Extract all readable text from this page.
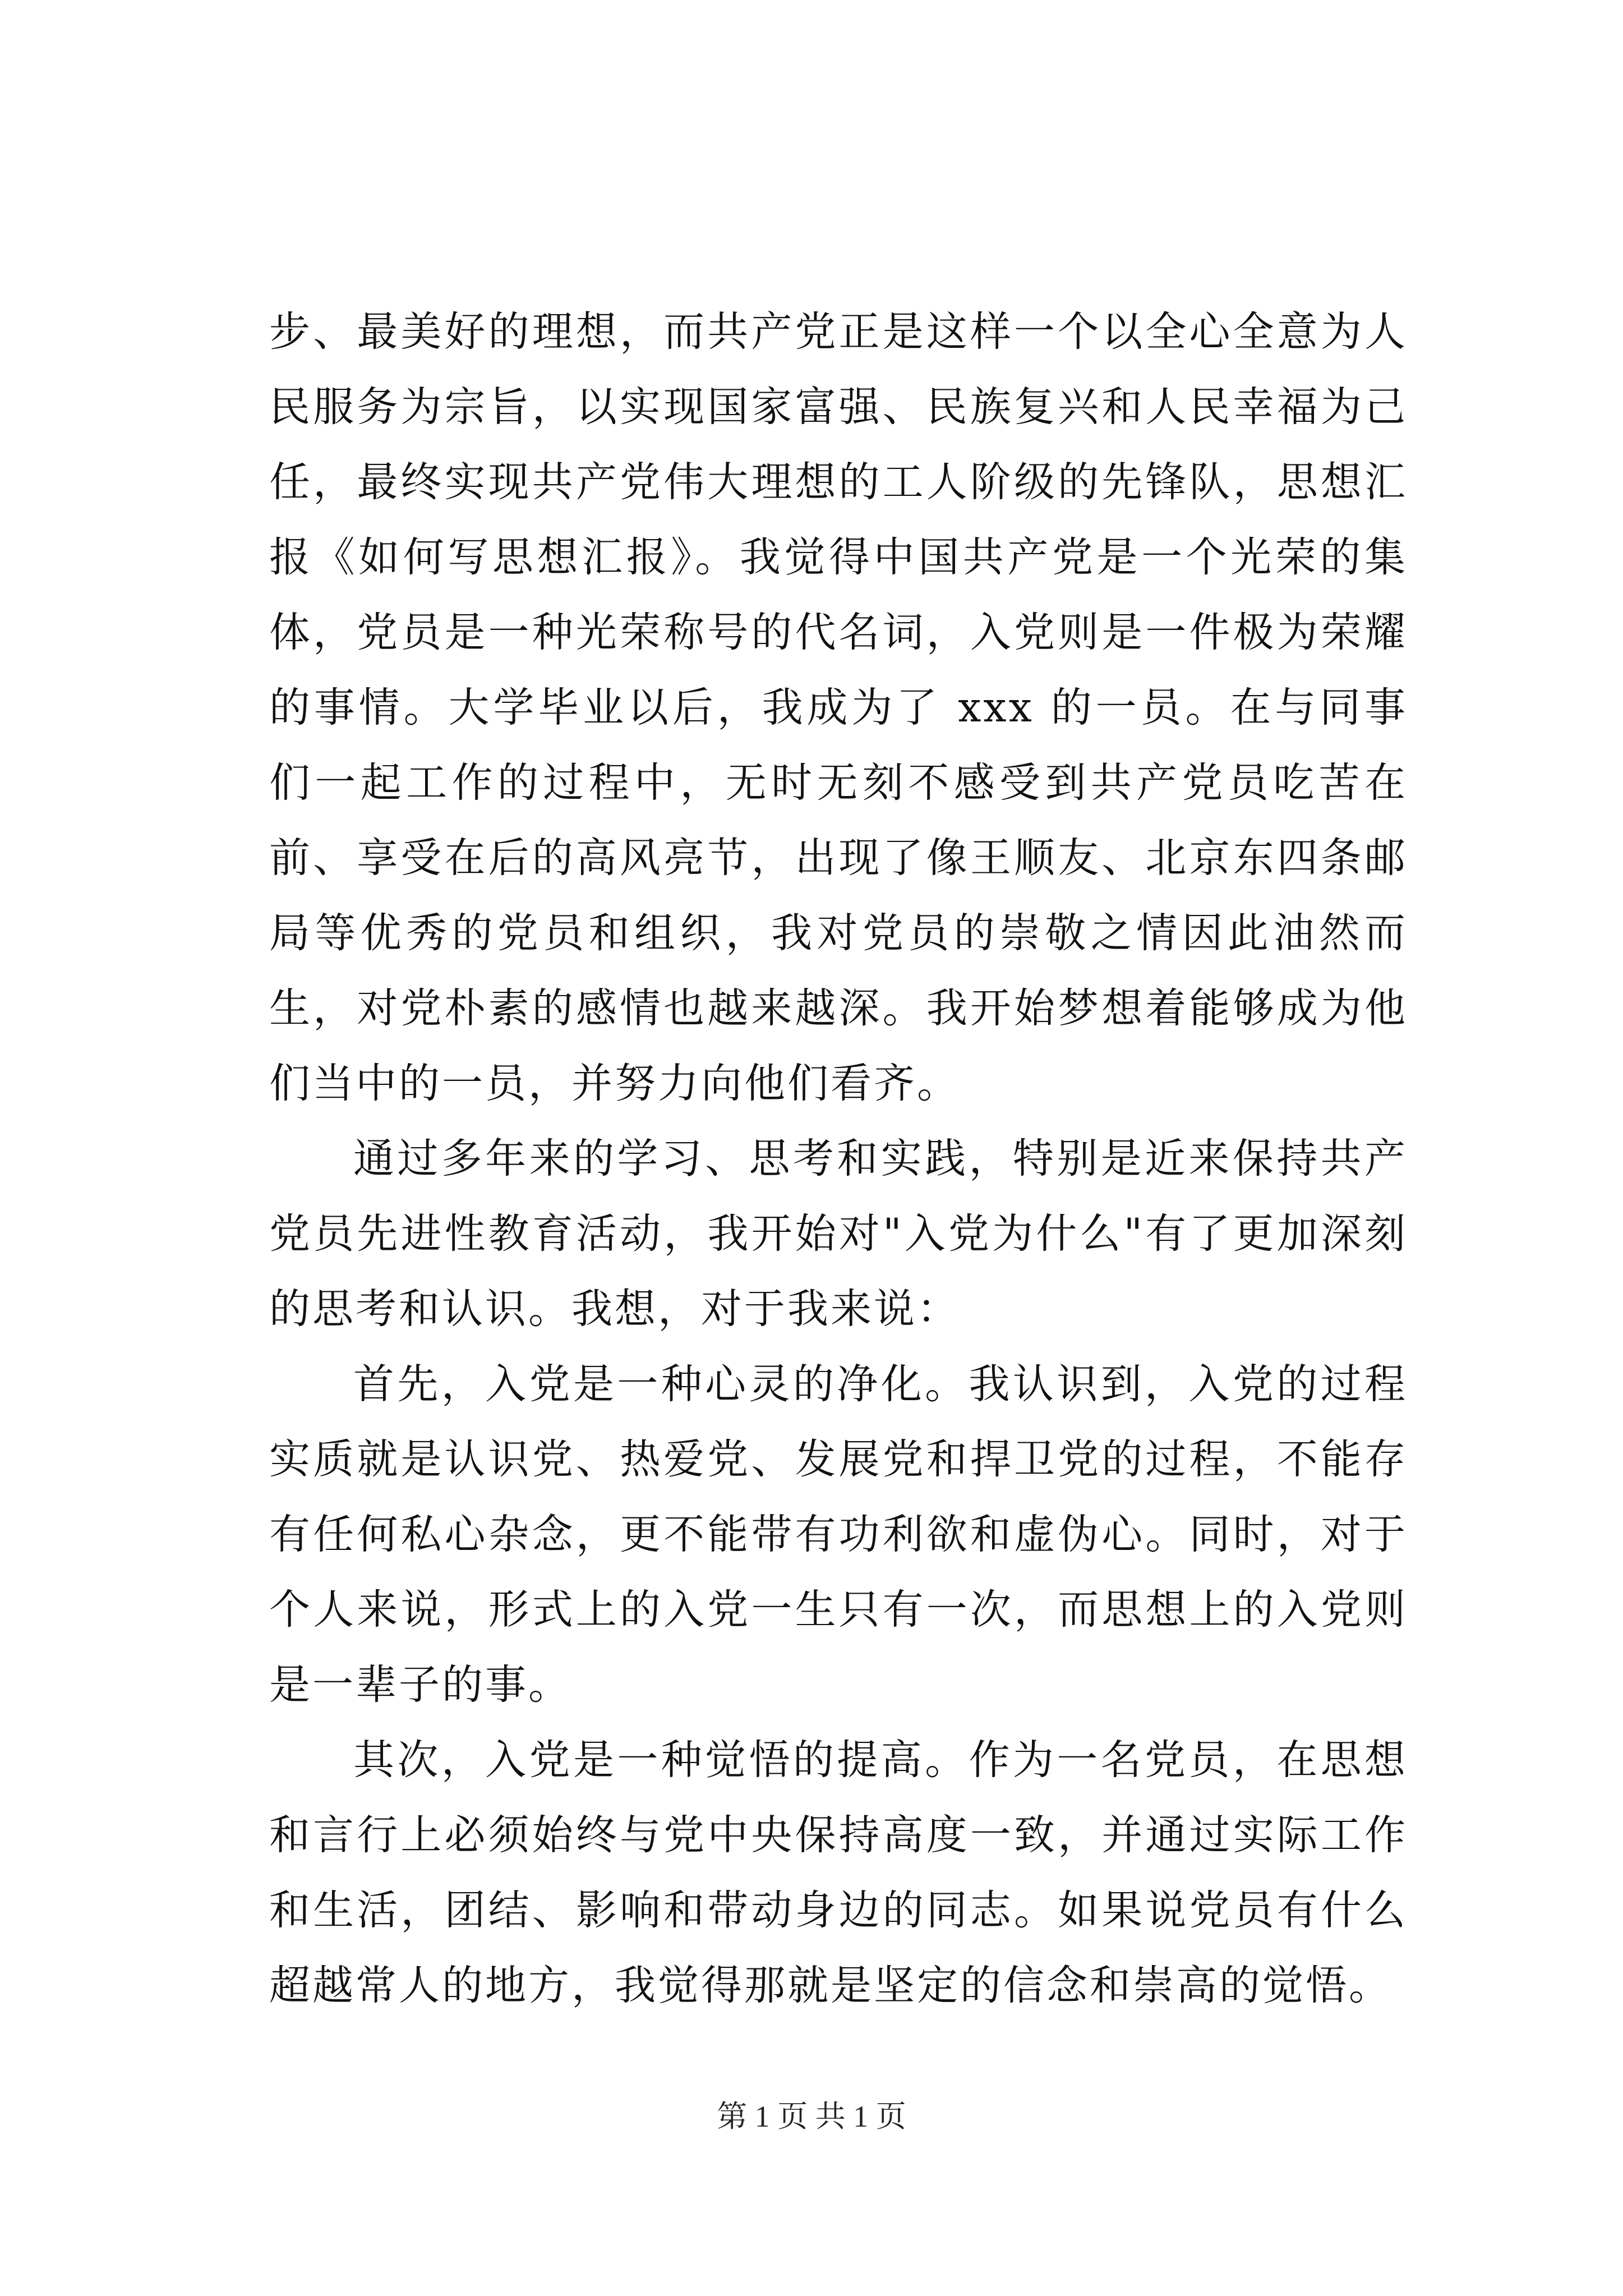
步、最美好的理想，而共产党正是这样一个以全心全意为人民服务为宗旨，以实现国家富强、民族复兴和人民幸福为己任，最终实现共产党伟大理想的工人阶级的先锋队，思想汇报《如何写思想汇报》。我觉得中国共产党是一个光荣的集体，党员是一种光荣称号的代名词，入党则是一件极为荣耀的事情。大学毕业以后，我成为了 xxx 的一员。在与同事们一起工作的过程中，无时无刻不感受到共产党员吃苦在前、享受在后的高风亮节，出现了像王顺友、北京东四条邮局等优秀的党员和组织，我对党员的崇敬之情因此油然而生，对党朴素的感情也越来越深。我开始梦想着能够成为他们当中的一员，并努力向他们看齐。

通过多年来的学习、思考和实践，特别是近来保持共产党员先进性教育活动，我开始对"入党为什么"有了更加深刻的思考和认识。我想，对于我来说：

首先，入党是一种心灵的净化。我认识到，入党的过程实质就是认识党、热爱党、发展党和捍卫党的过程，不能存有任何私心杂念，更不能带有功利欲和虚伪心。同时，对于个人来说，形式上的入党一生只有一次，而思想上的入党则是一辈子的事。

其次，入党是一种觉悟的提高。作为一名党员，在思想和言行上必须始终与党中央保持高度一致，并通过实际工作和生活，团结、影响和带动身边的同志。如果说党员有什么超越常人的地方，我觉得那就是坚定的信念和崇高的觉悟。

第 1 页 共 1 页
